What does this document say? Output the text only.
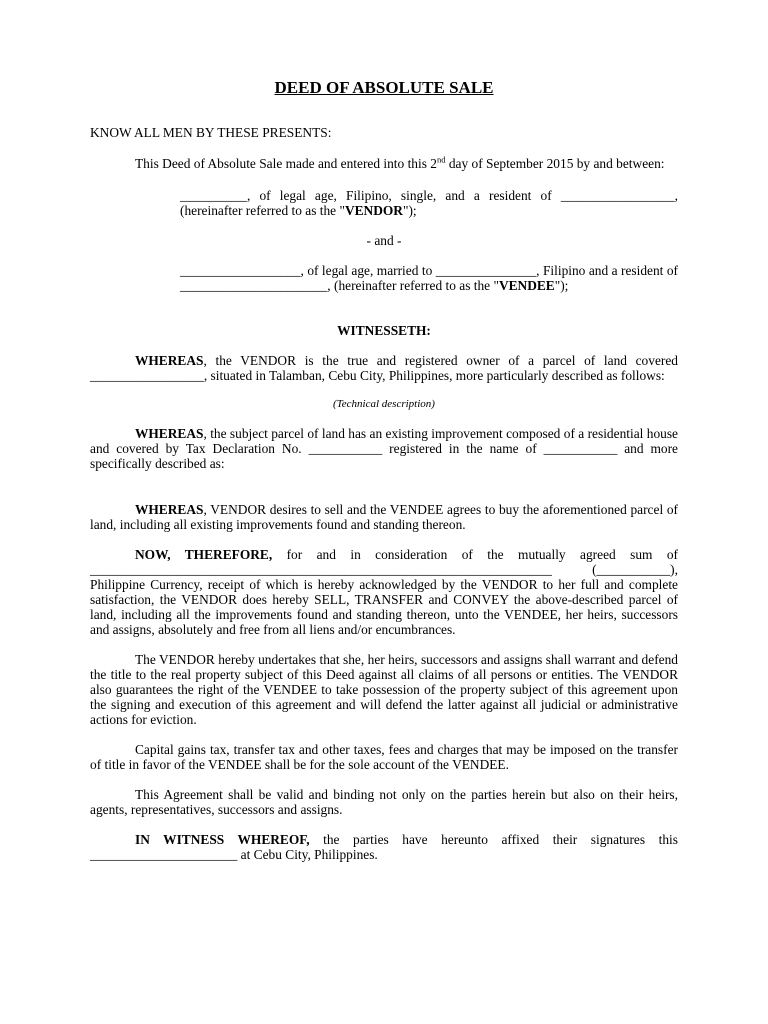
DEED OF ABSOLUTE SALE

KNOW ALL MEN BY THESE PRESENTS:

This Deed of Absolute Sale made and entered into this 2nd day of September 2015 by and between:

__________, of legal age, Filipino, single, and a resident of _________________, (hereinafter referred to as the "VENDOR");

- and -

__________________, of legal age, married to _______________, Filipino and a resident of ______________________, (hereinafter referred to as the "VENDEE");

WITNESSETH:

WHEREAS, the VENDOR is the true and registered owner of a parcel of land covered _________________, situated in Talamban, Cebu City, Philippines, more particularly described as follows:

(Technical description)

WHEREAS, the subject parcel of land has an existing improvement composed of a residential house and covered by Tax Declaration No. ___________ registered in the name of ___________ and more specifically described as:

WHEREAS, VENDOR desires to sell and the VENDEE agrees to buy the aforementioned parcel of land, including all existing improvements found and standing thereon.

NOW, THEREFORE, for and in consideration of the mutually agreed sum of _____________________________________________________________________ (___________), Philippine Currency, receipt of which is hereby acknowledged by the VENDOR to her full and complete satisfaction, the VENDOR does hereby SELL, TRANSFER and CONVEY the above-described parcel of land, including all the improvements found and standing thereon, unto the VENDEE, her heirs, successors and assigns, absolutely and free from all liens and/or encumbrances.

The VENDOR hereby undertakes that she, her heirs, successors and assigns shall warrant and defend the title to the real property subject of this Deed against all claims of all persons or entities. The VENDOR also guarantees the right of the VENDEE to take possession of the property subject of this agreement upon the signing and execution of this agreement and will defend the latter against all judicial or administrative actions for eviction.

Capital gains tax, transfer tax and other taxes, fees and charges that may be imposed on the transfer of title in favor of the VENDEE shall be for the sole account of the VENDEE.

This Agreement shall be valid and binding not only on the parties herein but also on their heirs, agents, representatives, successors and assigns.

IN WITNESS WHEREOF, the parties have hereunto affixed their signatures this ______________________ at Cebu City, Philippines.
